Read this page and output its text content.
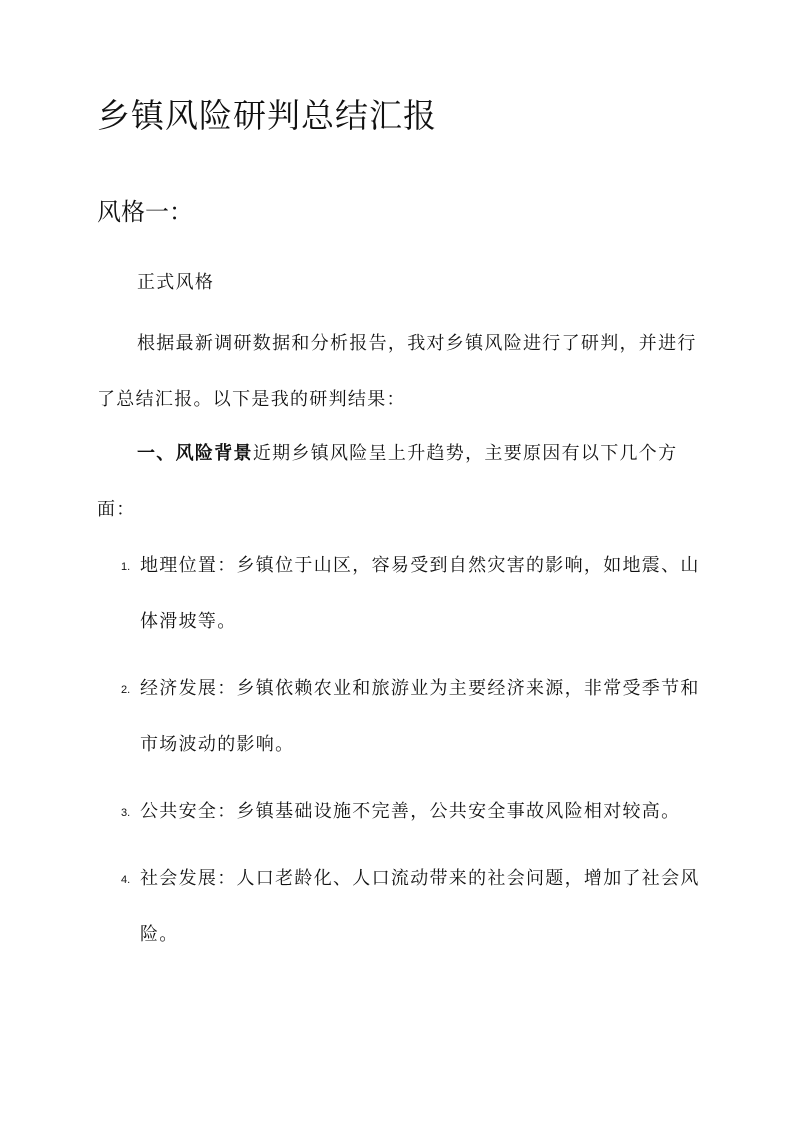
乡镇风险研判总结汇报
风格一：

正式风格

根据最新调研数据和分析报告，我对乡镇风险进行了研判，并进行了总结汇报。以下是我的研判结果：

一、风险背景近期乡镇风险呈上升趋势，主要原因有以下几个方面：

1. 地理位置：乡镇位于山区，容易受到自然灾害的影响，如地震、山体滑坡等。
2. 经济发展：乡镇依赖农业和旅游业为主要经济来源，非常受季节和市场波动的影响。
3. 公共安全：乡镇基础设施不完善，公共安全事故风险相对较高。
4. 社会发展：人口老龄化、人口流动带来的社会问题，增加了社会风险。
